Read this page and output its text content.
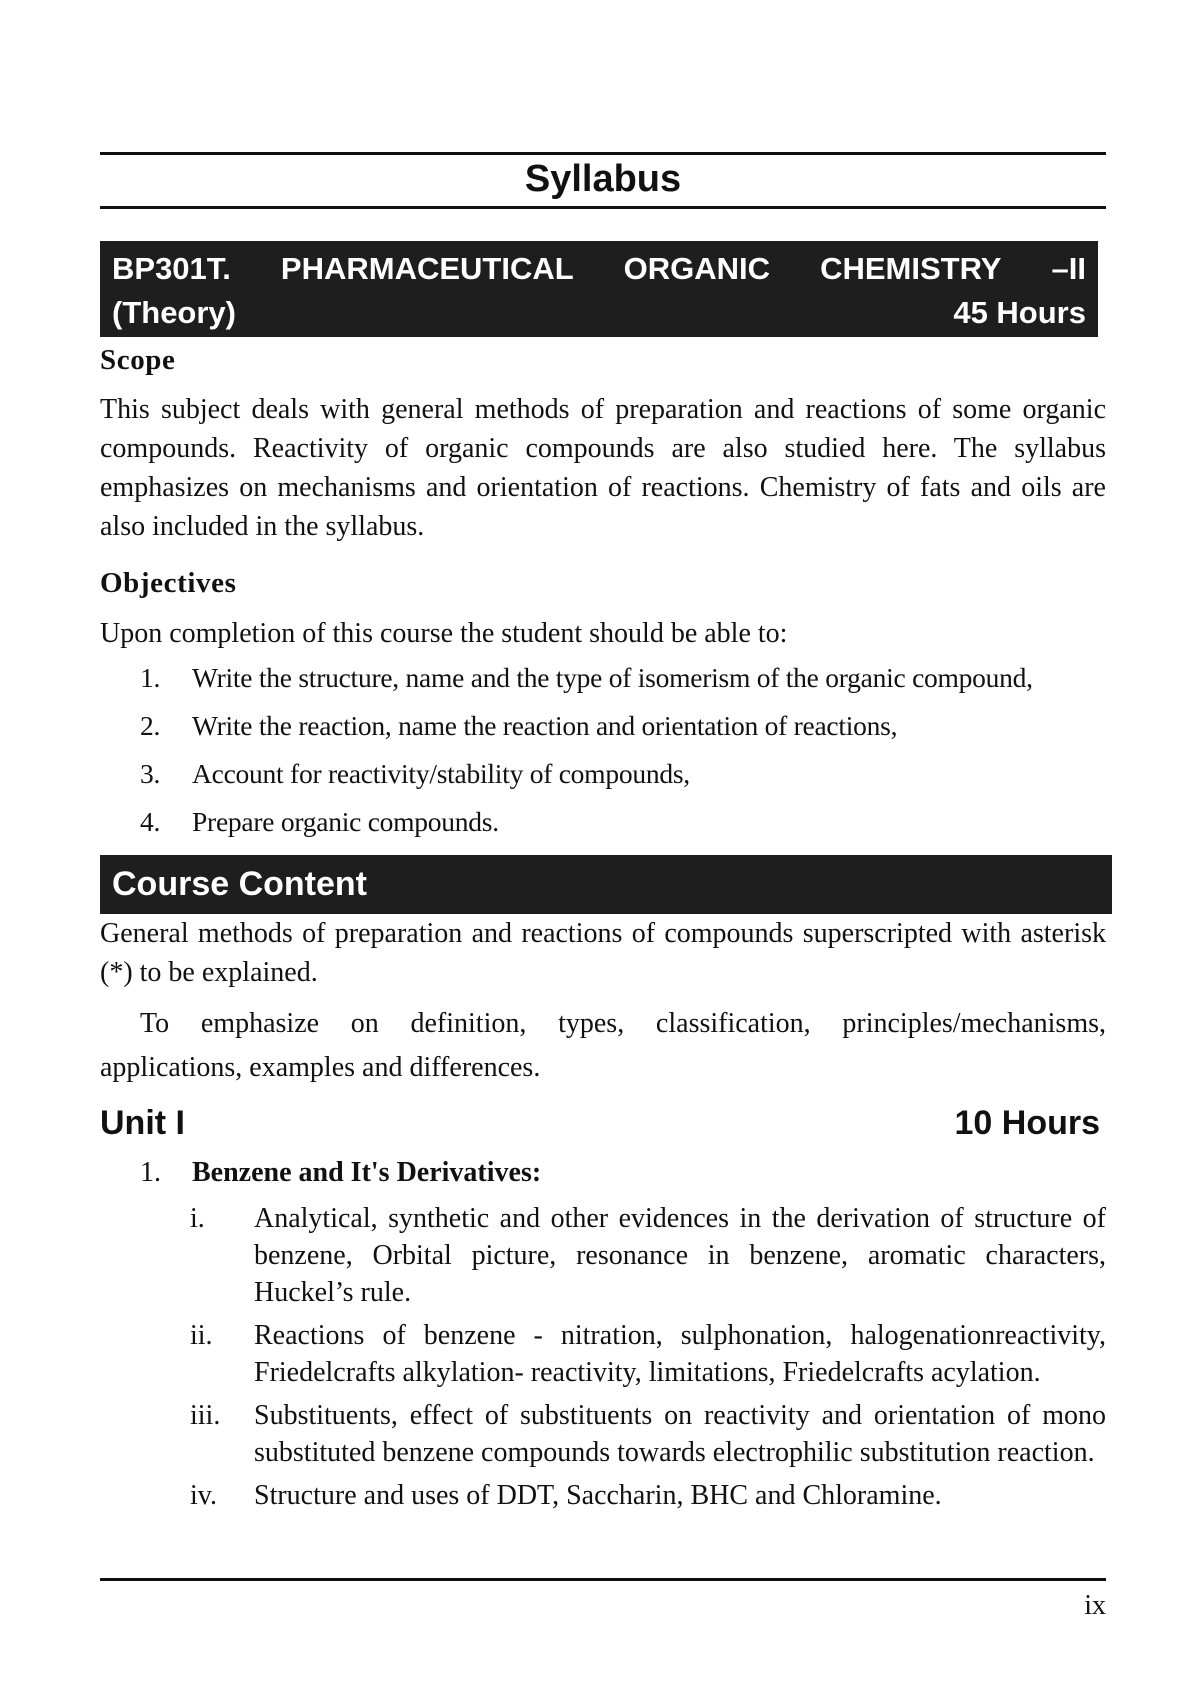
Syllabus
BP301T. PHARMACEUTICAL ORGANIC CHEMISTRY –II
(Theory)	45 Hours
Scope
This subject deals with general methods of preparation and reactions of some organic compounds. Reactivity of organic compounds are also studied here. The syllabus emphasizes on mechanisms and orientation of reactions. Chemistry of fats and oils are also included in the syllabus.
Objectives
Upon completion of this course the student should be able to:
1. Write the structure, name and the type of isomerism of the organic compound,
2. Write the reaction, name the reaction and orientation of reactions,
3. Account for reactivity/stability of compounds,
4. Prepare organic compounds.
Course Content
General methods of preparation and reactions of compounds superscripted with asterisk (*) to be explained.
To emphasize on definition, types, classification, principles/mechanisms, applications, examples and differences.
Unit I	10 Hours
1. Benzene and It's Derivatives:
i. Analytical, synthetic and other evidences in the derivation of structure of benzene, Orbital picture, resonance in benzene, aromatic characters, Huckel’s rule.
ii. Reactions of benzene - nitration, sulphonation, halogenationreactivity, Friedelcrafts alkylation- reactivity, limitations, Friedelcrafts acylation.
iii. Substituents, effect of substituents on reactivity and orientation of mono substituted benzene compounds towards electrophilic substitution reaction.
iv. Structure and uses of DDT, Saccharin, BHC and Chloramine.
ix
